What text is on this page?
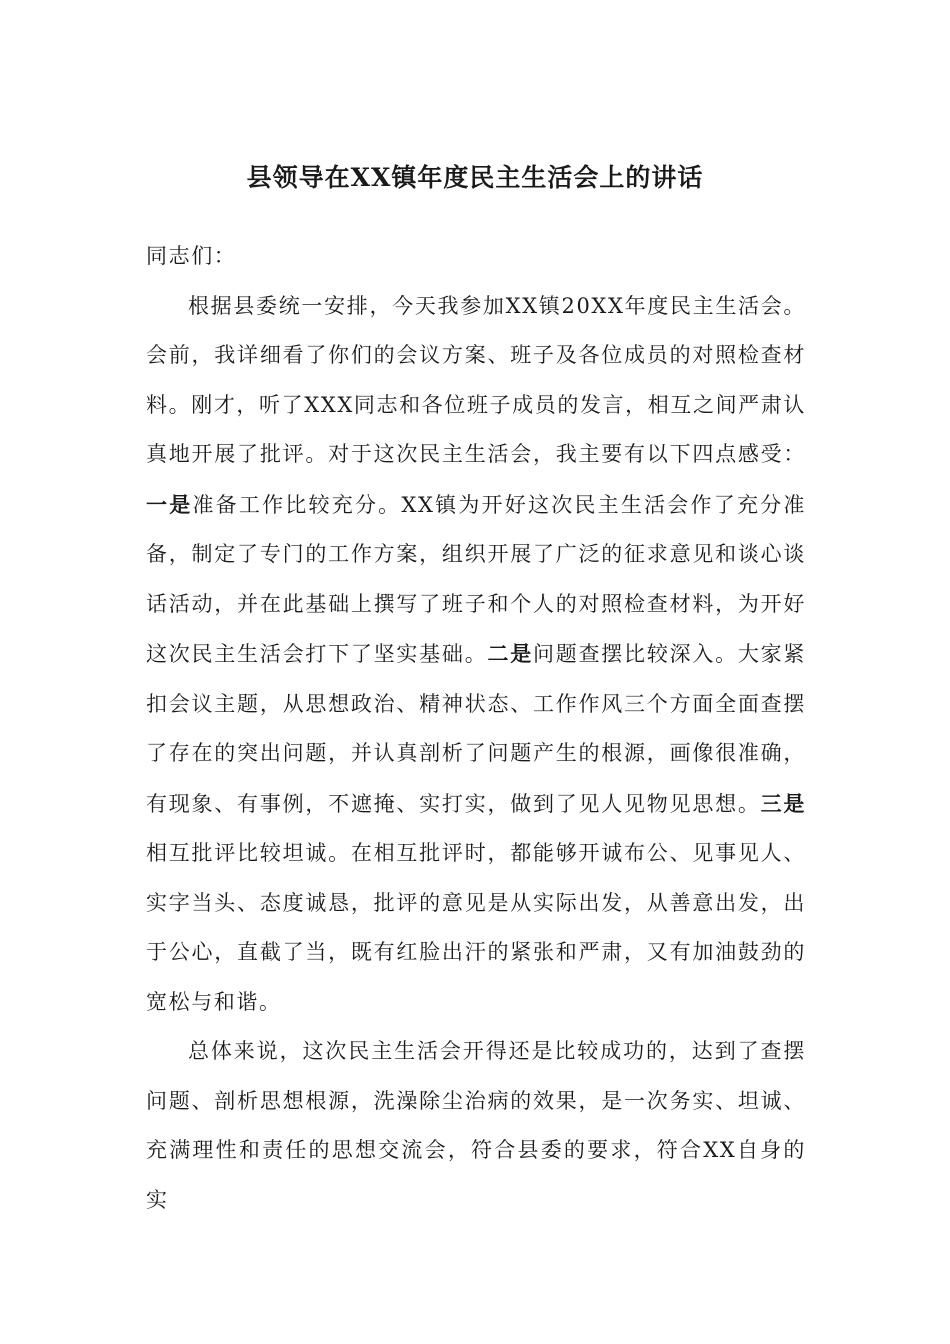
县领导在XX镇年度民主生活会上的讲话

同志们：

根据县委统一安排，今天我参加XX镇20XX年度民主生活会。会前，我详细看了你们的会议方案、班子及各位成员的对照检查材料。刚才，听了XXX同志和各位班子成员的发言，相互之间严肃认真地开展了批评。对于这次民主生活会，我主要有以下四点感受：一是准备工作比较充分。XX镇为开好这次民主生活会作了充分准备，制定了专门的工作方案，组织开展了广泛的征求意见和谈心谈话活动，并在此基础上撰写了班子和个人的对照检查材料，为开好这次民主生活会打下了坚实基础。二是问题查摆比较深入。大家紧扣会议主题，从思想政治、精神状态、工作作风三个方面全面查摆了存在的突出问题，并认真剖析了问题产生的根源，画像很准确，有现象、有事例，不遮掩、实打实，做到了见人见物见思想。三是相互批评比较坦诚。在相互批评时，都能够开诚布公、见事见人、实字当头、态度诚恳，批评的意见是从实际出发，从善意出发，出于公心，直截了当，既有红脸出汗的紧张和严肃，又有加油鼓劲的宽松与和谐。

总体来说，这次民主生活会开得还是比较成功的，达到了查摆问题、剖析思想根源，洗澡除尘治病的效果，是一次务实、坦诚、充满理性和责任的思想交流会，符合县委的要求，符合XX自身的实
